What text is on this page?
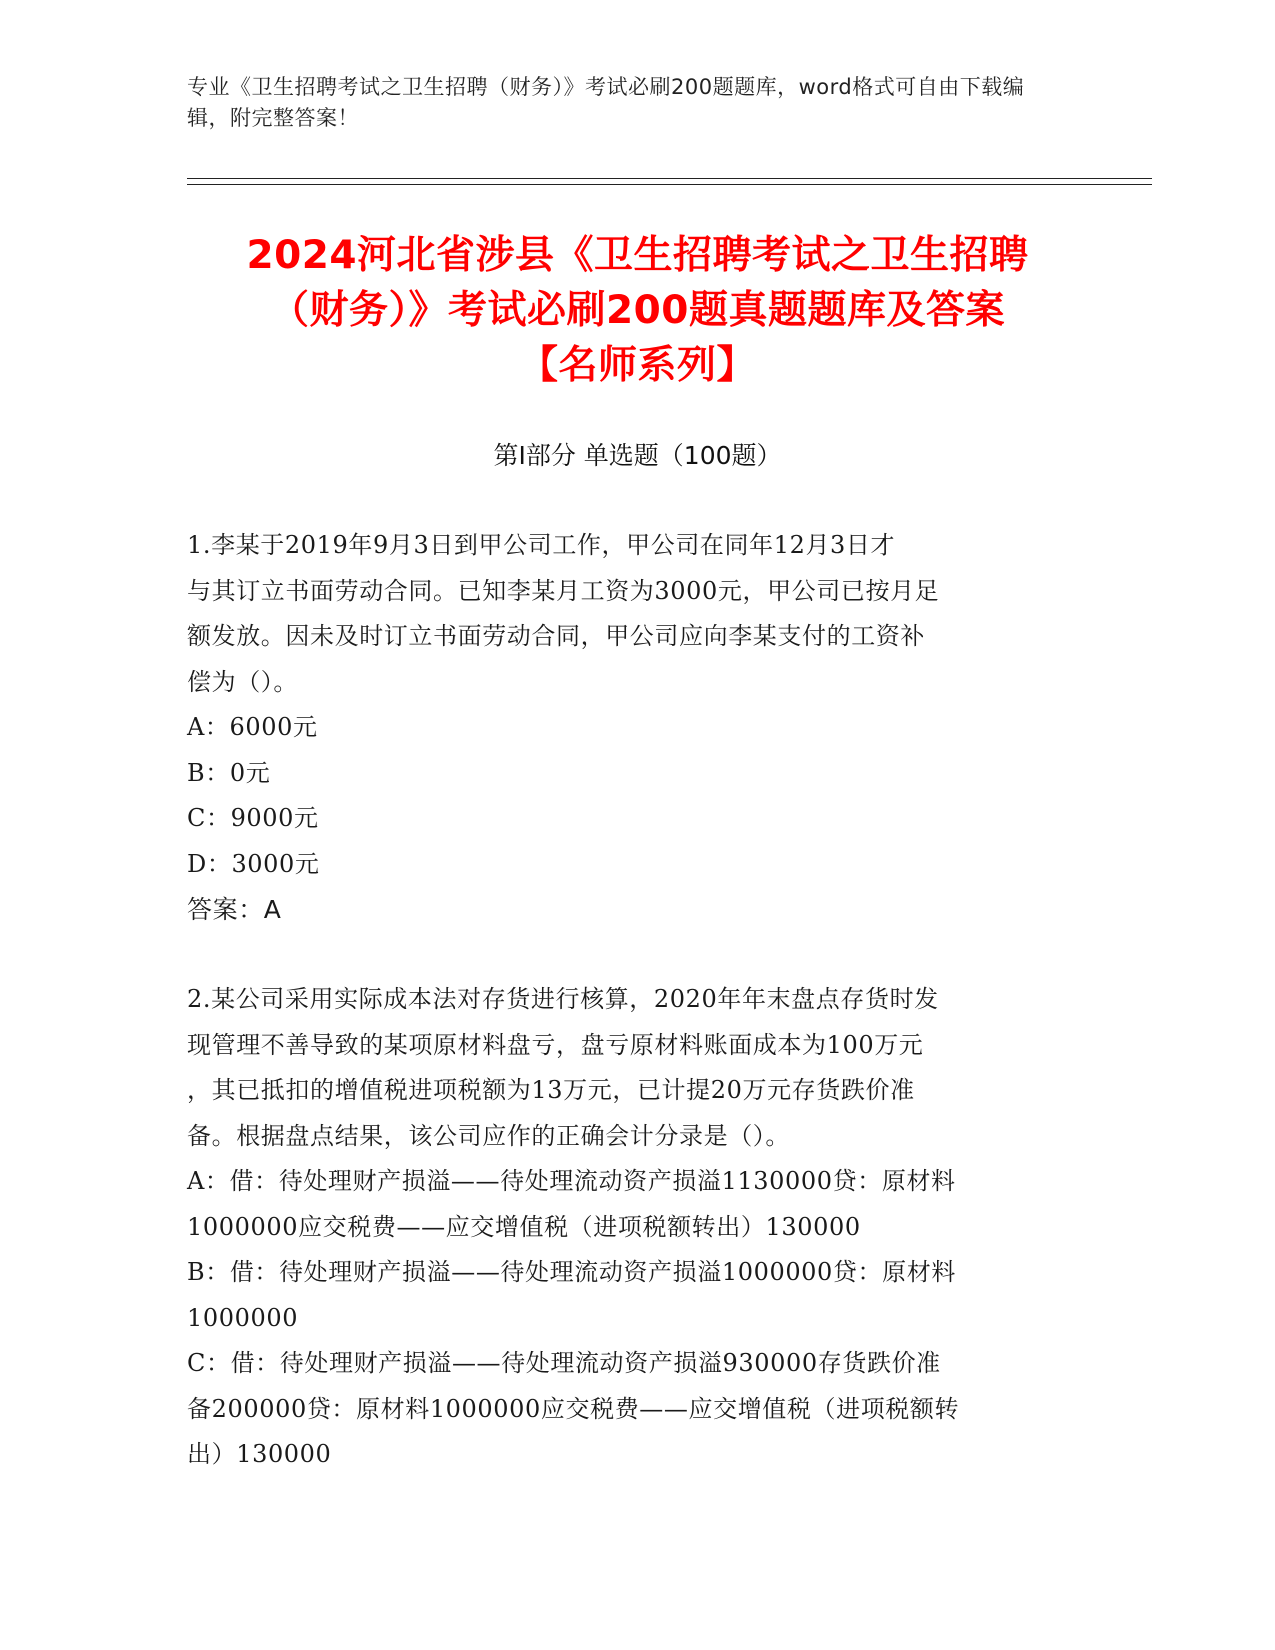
专业《卫生招聘考试之卫生招聘（财务）》考试必刷200题题库，word格式可自由下载编辑，附完整答案！
2024河北省涉县《卫生招聘考试之卫生招聘
（财务）》考试必刷200题真题题库及答案
【名师系列】
第Ⅰ部分 单选题（100题）
1.李某于2019年9月3日到甲公司工作，甲公司在同年12月3日才
与其订立书面劳动合同。已知李某月工资为3000元，甲公司已按月足
额发放。因未及时订立书面劳动合同，甲公司应向李某支付的工资补
偿为（）。
A：6000元
B：0元
C：9000元
D：3000元
答案：A
2.某公司采用实际成本法对存货进行核算，2020年年末盘点存货时发
现管理不善导致的某项原材料盘亏，盘亏原材料账面成本为100万元
，其已抵扣的增值税进项税额为13万元，已计提20万元存货跌价准
备。根据盘点结果，该公司应作的正确会计分录是（）。
A：借：待处理财产损溢——待处理流动资产损溢1130000贷：原材料
1000000应交税费——应交增值税（进项税额转出）130000
B：借：待处理财产损溢——待处理流动资产损溢1000000贷：原材料
1000000
C：借：待处理财产损溢——待处理流动资产损溢930000存货跌价准
备200000贷：原材料1000000应交税费——应交增值税（进项税额转
出）130000
